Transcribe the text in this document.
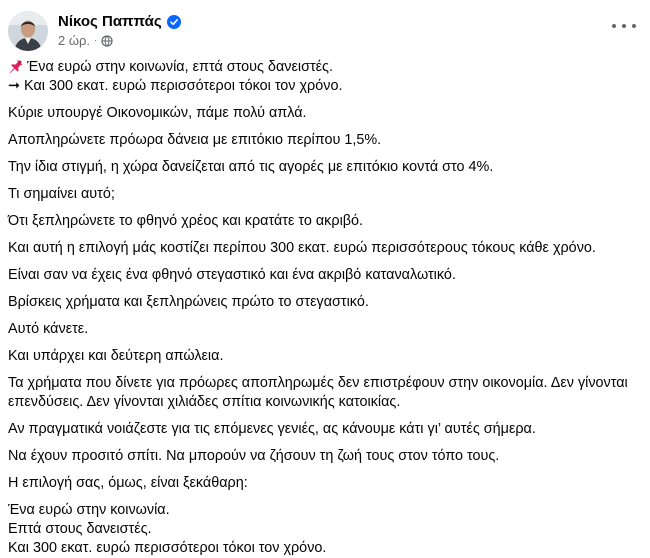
Νίκος Παππάς
2 ώρ. ·

Ένα ευρώ στην κοινωνία, επτά στους δανειστές.
➞ Και 300 εκατ. ευρώ περισσότεροι τόκοι τον χρόνο.

Κύριε υπουργέ Οικονομικών, πάμε πολύ απλά.

Αποπληρώνετε πρόωρα δάνεια με επιτόκιο περίπου 1,5%.

Την ίδια στιγμή, η χώρα δανείζεται από τις αγορές με επιτόκιο κοντά στο 4%.

Τι σημαίνει αυτό;

Ότι ξεπληρώνετε το φθηνό χρέος και κρατάτε το ακριβό.

Και αυτή η επιλογή μάς κοστίζει περίπου 300 εκατ. ευρώ περισσότερους τόκους κάθε χρόνο.

Είναι σαν να έχεις ένα φθηνό στεγαστικό και ένα ακριβό καταναλωτικό.

Βρίσκεις χρήματα και ξεπληρώνεις πρώτο το στεγαστικό.

Αυτό κάνετε.

Και υπάρχει και δεύτερη απώλεια.

Τα χρήματα που δίνετε για πρόωρες αποπληρωμές δεν επιστρέφουν στην οικονομία. Δεν γίνονται επενδύσεις. Δεν γίνονται χιλιάδες σπίτια κοινωνικής κατοικίας.

Αν πραγματικά νοιάζεστε για τις επόμενες γενιές, ας κάνουμε κάτι γι’ αυτές σήμερα.

Να έχουν προσιτό σπίτι. Να μπορούν να ζήσουν τη ζωή τους στον τόπο τους.

Η επιλογή σας, όμως, είναι ξεκάθαρη:

Ένα ευρώ στην κοινωνία.
Επτά στους δανειστές.
Και 300 εκατ. ευρώ περισσότεροι τόκοι τον χρόνο.
